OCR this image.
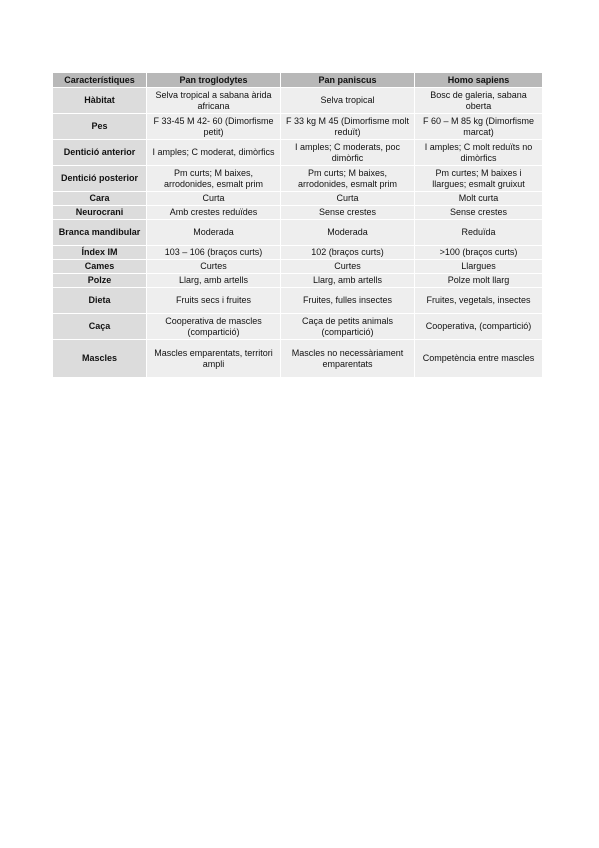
Característiques	Pan troglodytes	Pan paniscus	Homo sapiens
Hàbitat	Selva tropical a sabana àrida africana	Selva tropical	Bosc de galeria, sabana oberta
Pes	F 33-45 M 42- 60 (Dimorfisme petit)	F 33 kg M 45 (Dimorfisme molt reduït)	F 60 – M 85 kg (Dimorfisme marcat)
Dentició anterior	I amples; C moderat, dimòrfics	I amples; C moderats, poc dimòrfic	I amples; C molt reduïts no dimòrfics
Dentició posterior	Pm curts; M baixes, arrodonides, esmalt prim	Pm curts; M baixes, arrodonides, esmalt prim	Pm curtes; M baixes i llargues; esmalt gruixut
Cara	Curta	Curta	Molt curta
Neurocrani	Amb crestes reduïdes	Sense crestes	Sense crestes
Branca mandibular	Moderada	Moderada	Reduïda
Índex IM	103 – 106 (braços curts)	102 (braços curts)	>100 (braços curts)
Cames	Curtes	Curtes	Llargues
Polze	Llarg, amb artells	Llarg, amb artells	Polze molt llarg
Dieta	Fruits secs i fruites	Fruites, fulles insectes	Fruites, vegetals, insectes
Caça	Cooperativa de mascles (compartició)	Caça de petits animals (compartició)	Cooperativa, (compartició)
Mascles	Mascles emparentats, territori ampli	Mascles no necessàriament emparentats	Competència entre mascles
